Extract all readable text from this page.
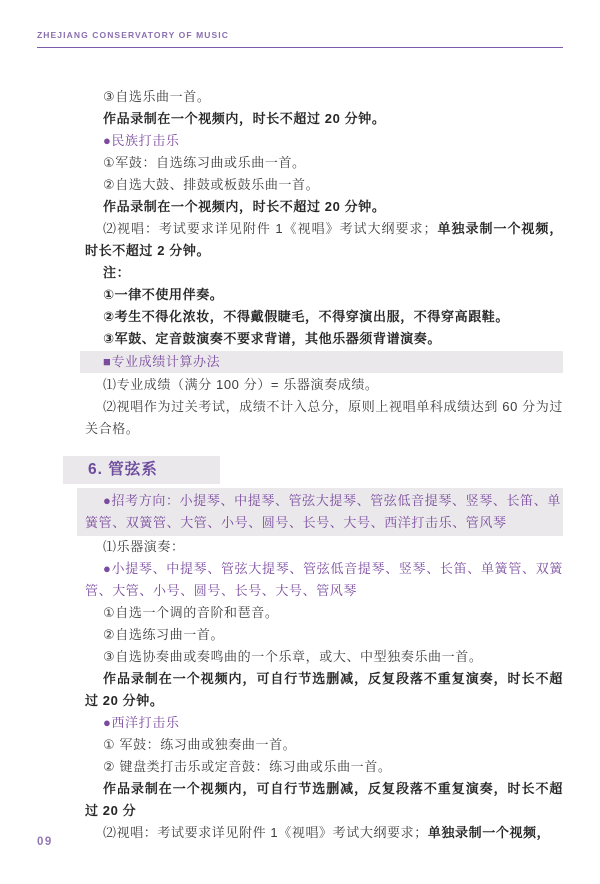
ZHEJIANG CONSERVATORY OF MUSIC
③自选乐曲一首。
作品录制在一个视频内，时长不超过 20 分钟。
●民族打击乐
①军鼓：自选练习曲或乐曲一首。
②自选大鼓、排鼓或板鼓乐曲一首。
作品录制在一个视频内，时长不超过 20 分钟。
⑵视唱：考试要求详见附件 1《视唱》考试大纲要求；单独录制一个视频，时长不超过 2 分钟。
注：
①一律不使用伴奏。
②考生不得化浓妆，不得戴假睫毛，不得穿演出服，不得穿高跟鞋。
③军鼓、定音鼓演奏不要求背谱，其他乐器须背谱演奏。
■专业成绩计算办法
⑴专业成绩（满分 100 分）= 乐器演奏成绩。
⑵视唱作为过关考试，成绩不计入总分，原则上视唱单科成绩达到 60 分为过关合格。
6. 管弦系
●招考方向：小提琴、中提琴、管弦大提琴、管弦低音提琴、竖琴、长笛、单簧管、双簧管、大管、小号、圆号、长号、大号、西洋打击乐、管风琴
⑴乐器演奏：
●小提琴、中提琴、管弦大提琴、管弦低音提琴、竖琴、长笛、单簧管、双簧管、大管、小号、圆号、长号、大号、管风琴
①自选一个调的音阶和琶音。
②自选练习曲一首。
③自选协奏曲或奏鸣曲的一个乐章，或大、中型独奏乐曲一首。
作品录制在一个视频内，可自行节选删减，反复段落不重复演奏，时长不超过 20 分钟。
●西洋打击乐
① 军鼓：练习曲或独奏曲一首。
② 键盘类打击乐或定音鼓：练习曲或乐曲一首。
作品录制在一个视频内，可自行节选删减，反复段落不重复演奏，时长不超过 20 分
⑵视唱：考试要求详见附件 1《视唱》考试大纲要求；单独录制一个视频，
09
